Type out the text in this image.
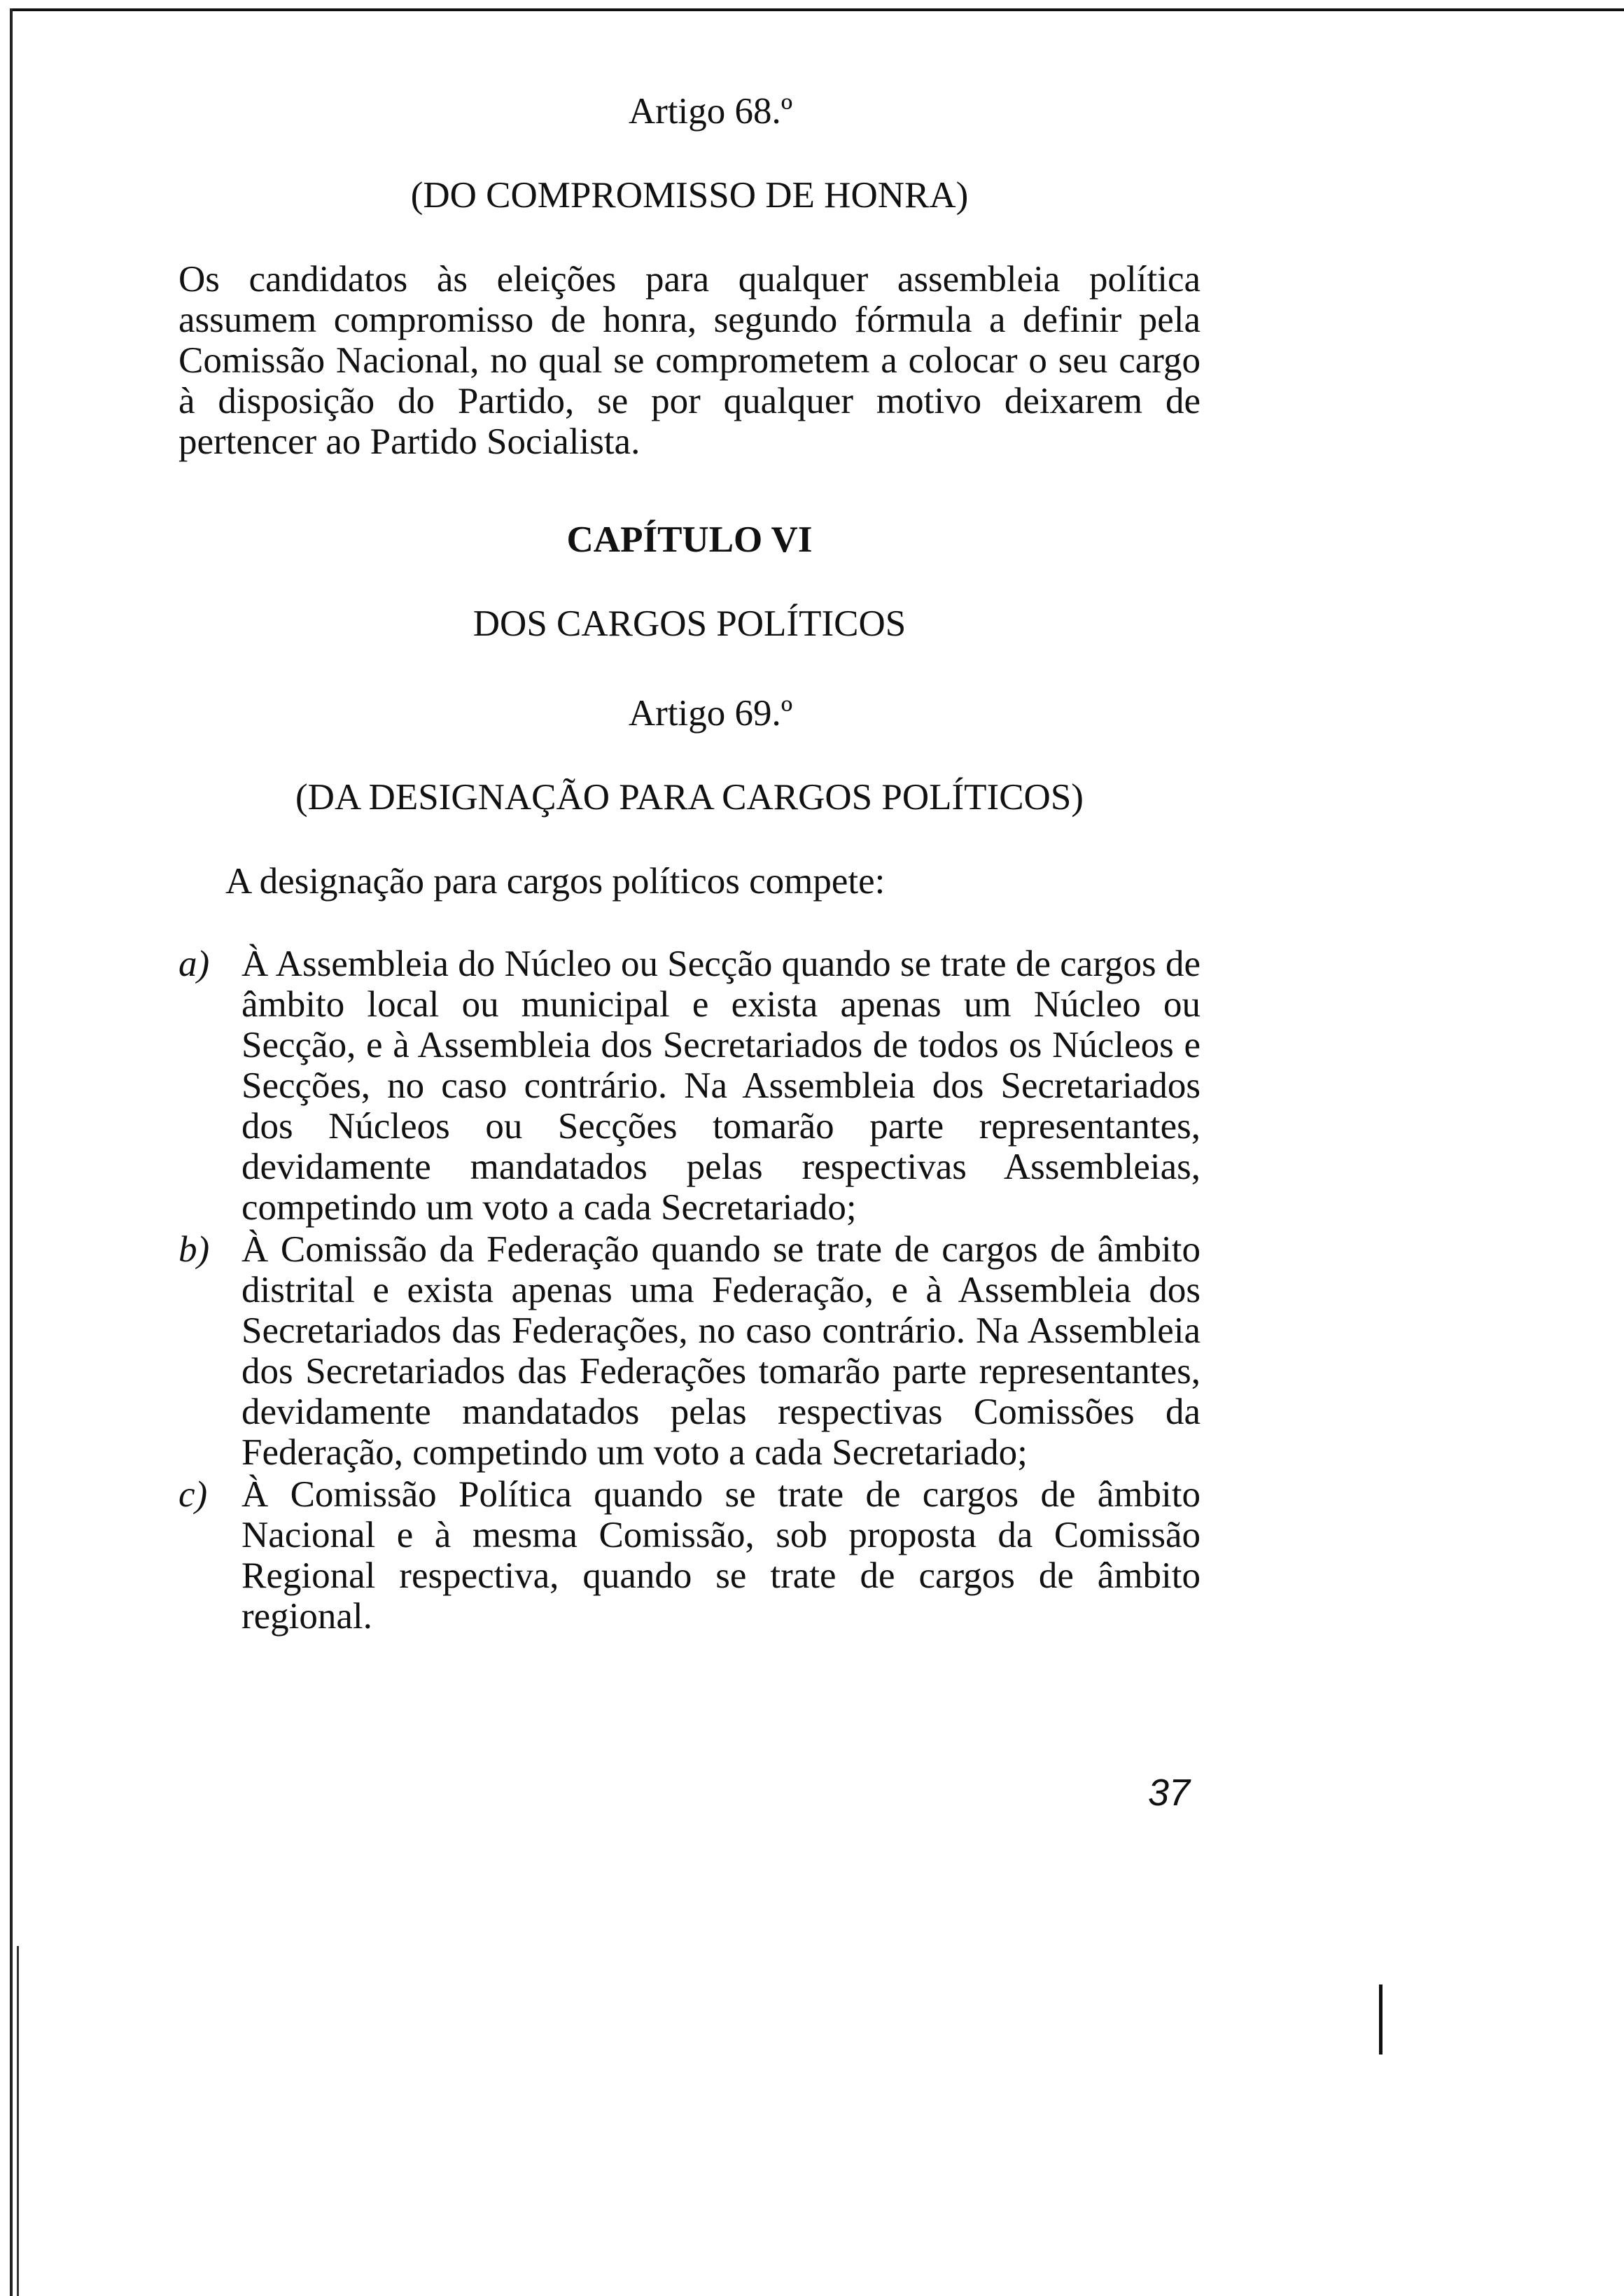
Artigo 68.º
(DO COMPROMISSO DE HONRA)
Os candidatos às eleições para qualquer assembleia política assumem compromisso de honra, segundo fórmula a definir pela Comissão Nacional, no qual se comprometem a colocar o seu cargo à disposição do Partido, se por qualquer motivo deixarem de pertencer ao Partido Socialista.
CAPÍTULO VI
DOS CARGOS POLÍTICOS
Artigo 69.º
(DA DESIGNAÇÃO PARA CARGOS POLÍTICOS)
A designação para cargos políticos compete:
a) À Assembleia do Núcleo ou Secção quando se trate de cargos de âmbito local ou municipal e exista apenas um Núcleo ou Secção, e à Assembleia dos Secretariados de todos os Núcleos e Secções, no caso contrário. Na Assembleia dos Secretariados dos Núcleos ou Secções tomarão parte representantes, devidamente mandatados pelas respectivas Assembleias, competindo um voto a cada Secretariado;
b) À Comissão da Federação quando se trate de cargos de âmbito distrital e exista apenas uma Federação, e à Assembleia dos Secretariados das Federações, no caso contrário. Na Assembleia dos Secretariados das Federações tomarão parte representantes, devidamente mandatados pelas respectivas Comissões da Federação, competindo um voto a cada Secretariado;
c) À Comissão Política quando se trate de cargos de âmbito Nacional e à mesma Comissão, sob proposta da Comissão Regional respectiva, quando se trate de cargos de âmbito regional.
37
